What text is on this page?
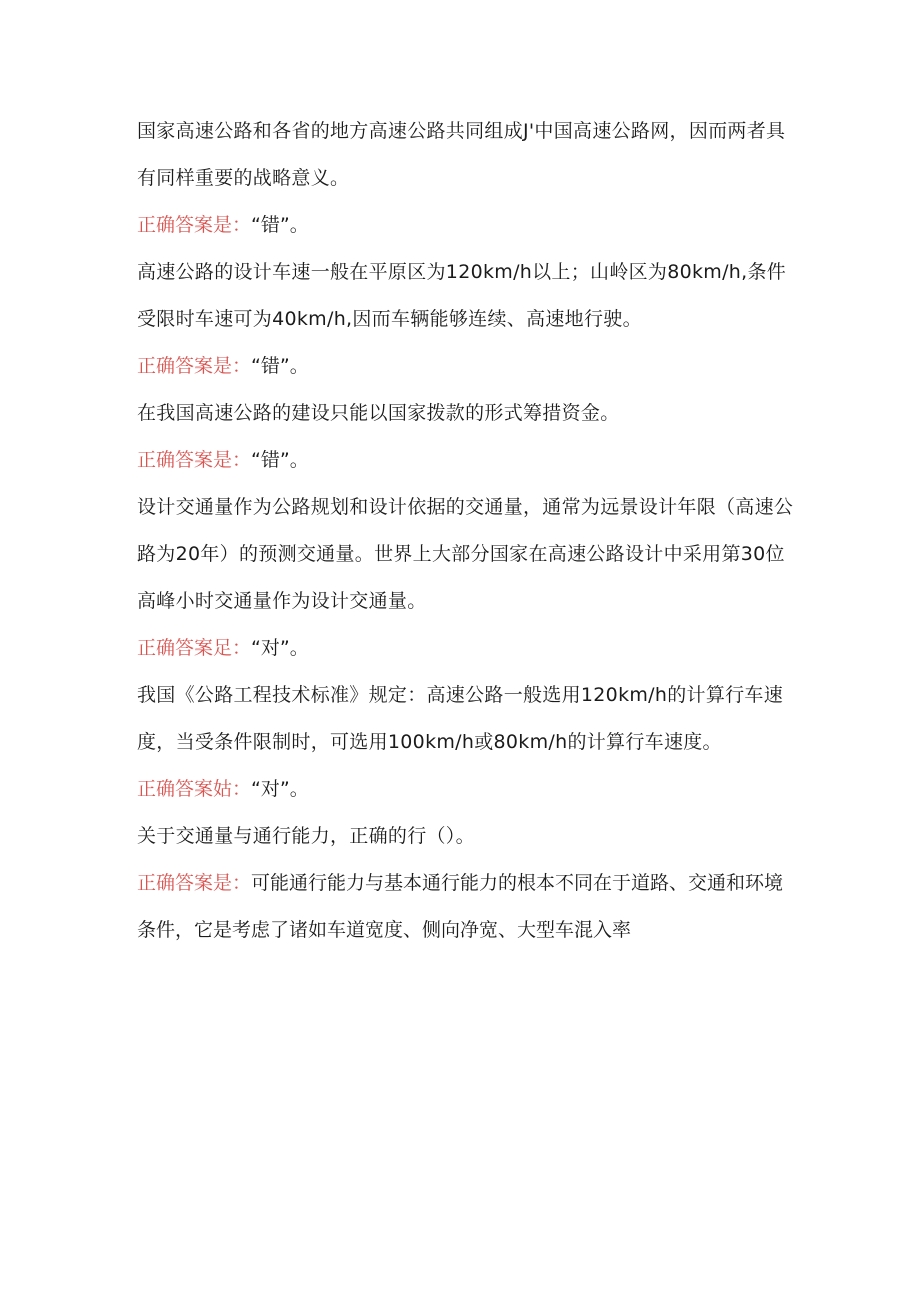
国家高速公路和各省的地方高速公路共同组成J'中国高速公路网，因而两者具有同样重要的战略意义。

正确答案是：“错”。

高速公路的设计车速一般在平原区为120km/h以上；山岭区为80km/h,条件受限时车速可为40km/h,因而车辆能够连续、高速地行驶。

正确答案是：“错”。

在我国高速公路的建设只能以国家拨款的形式筹措资金。

正确答案是：“错”。

设计交通量作为公路规划和设计依据的交通量，通常为远景设计年限（高速公路为20年）的预测交通量。世界上大部分国家在高速公路设计中采用第30位高峰小时交通量作为设计交通量。

正确答案足：“对”。

我国《公路工程技术标准》规定：高速公路一般选用120km/h的计算行车速度，当受条件限制时，可选用100km/h或80km/h的计算行车速度。

正确答案姑：“对”。

关于交通量与通行能力，正确的行（）。

正确答案是：可能通行能力与基本通行能力的根本不同在于道路、交通和环境条件，它是考虑了诸如车道宽度、侧向净宽、大型车混入率
